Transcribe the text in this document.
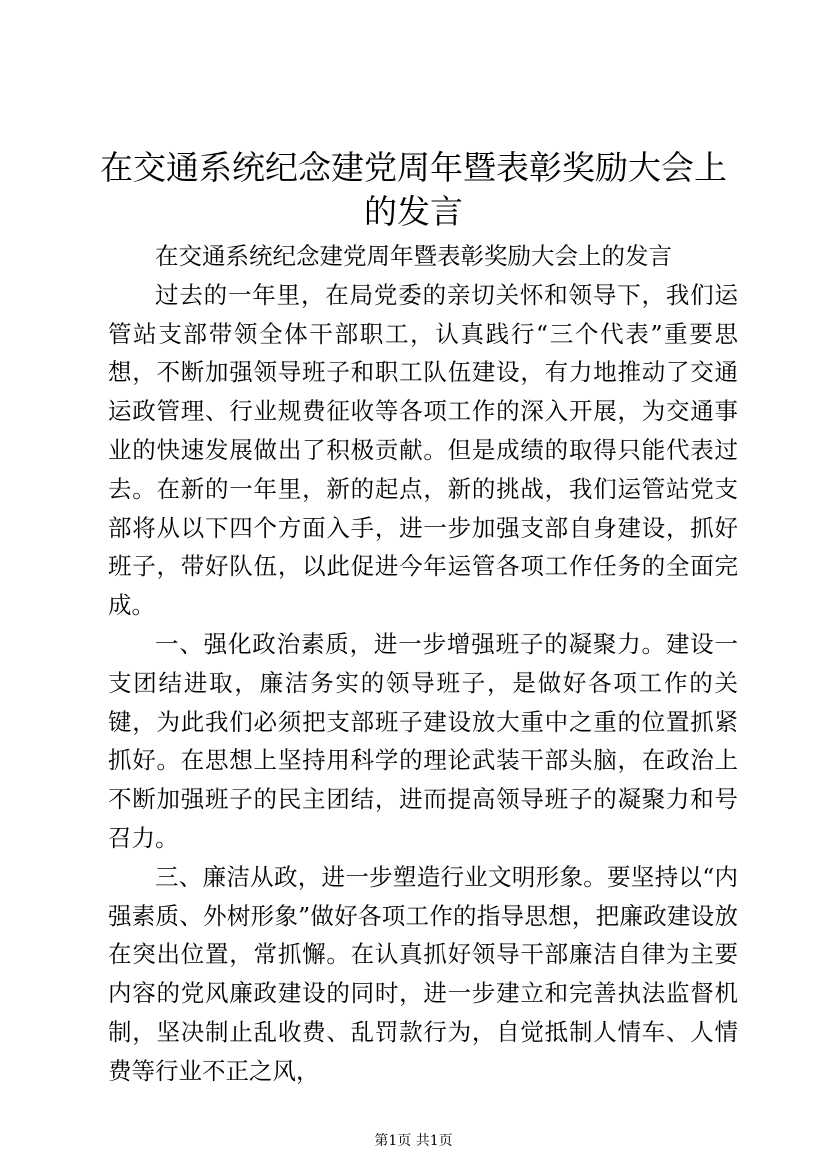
在交通系统纪念建党周年暨表彰奖励大会上的发言

在交通系统纪念建党周年暨表彰奖励大会上的发言

过去的一年里，在局党委的亲切关怀和领导下，我们运管站支部带领全体干部职工，认真践行“三个代表”重要思想，不断加强领导班子和职工队伍建设，有力地推动了交通运政管理、行业规费征收等各项工作的深入开展，为交通事业的快速发展做出了积极贡献。但是成绩的取得只能代表过去。在新的一年里，新的起点，新的挑战，我们运管站党支部将从以下四个方面入手，进一步加强支部自身建设，抓好班子，带好队伍，以此促进今年运管各项工作任务的全面完成。

一、强化政治素质，进一步增强班子的凝聚力。建设一支团结进取，廉洁务实的领导班子，是做好各项工作的关键，为此我们必须把支部班子建设放大重中之重的位置抓紧抓好。在思想上坚持用科学的理论武装干部头脑，在政治上不断加强班子的民主团结，进而提高领导班子的凝聚力和号召力。

三、廉洁从政，进一步塑造行业文明形象。要坚持以“内强素质、外树形象”做好各项工作的指导思想，把廉政建设放在突出位置，常抓懈。在认真抓好领导干部廉洁自律为主要内容的党风廉政建设的同时，进一步建立和完善执法监督机制，坚决制止乱收费、乱罚款行为，自觉抵制人情车、人情费等行业不正之风，

第1页 共1页
